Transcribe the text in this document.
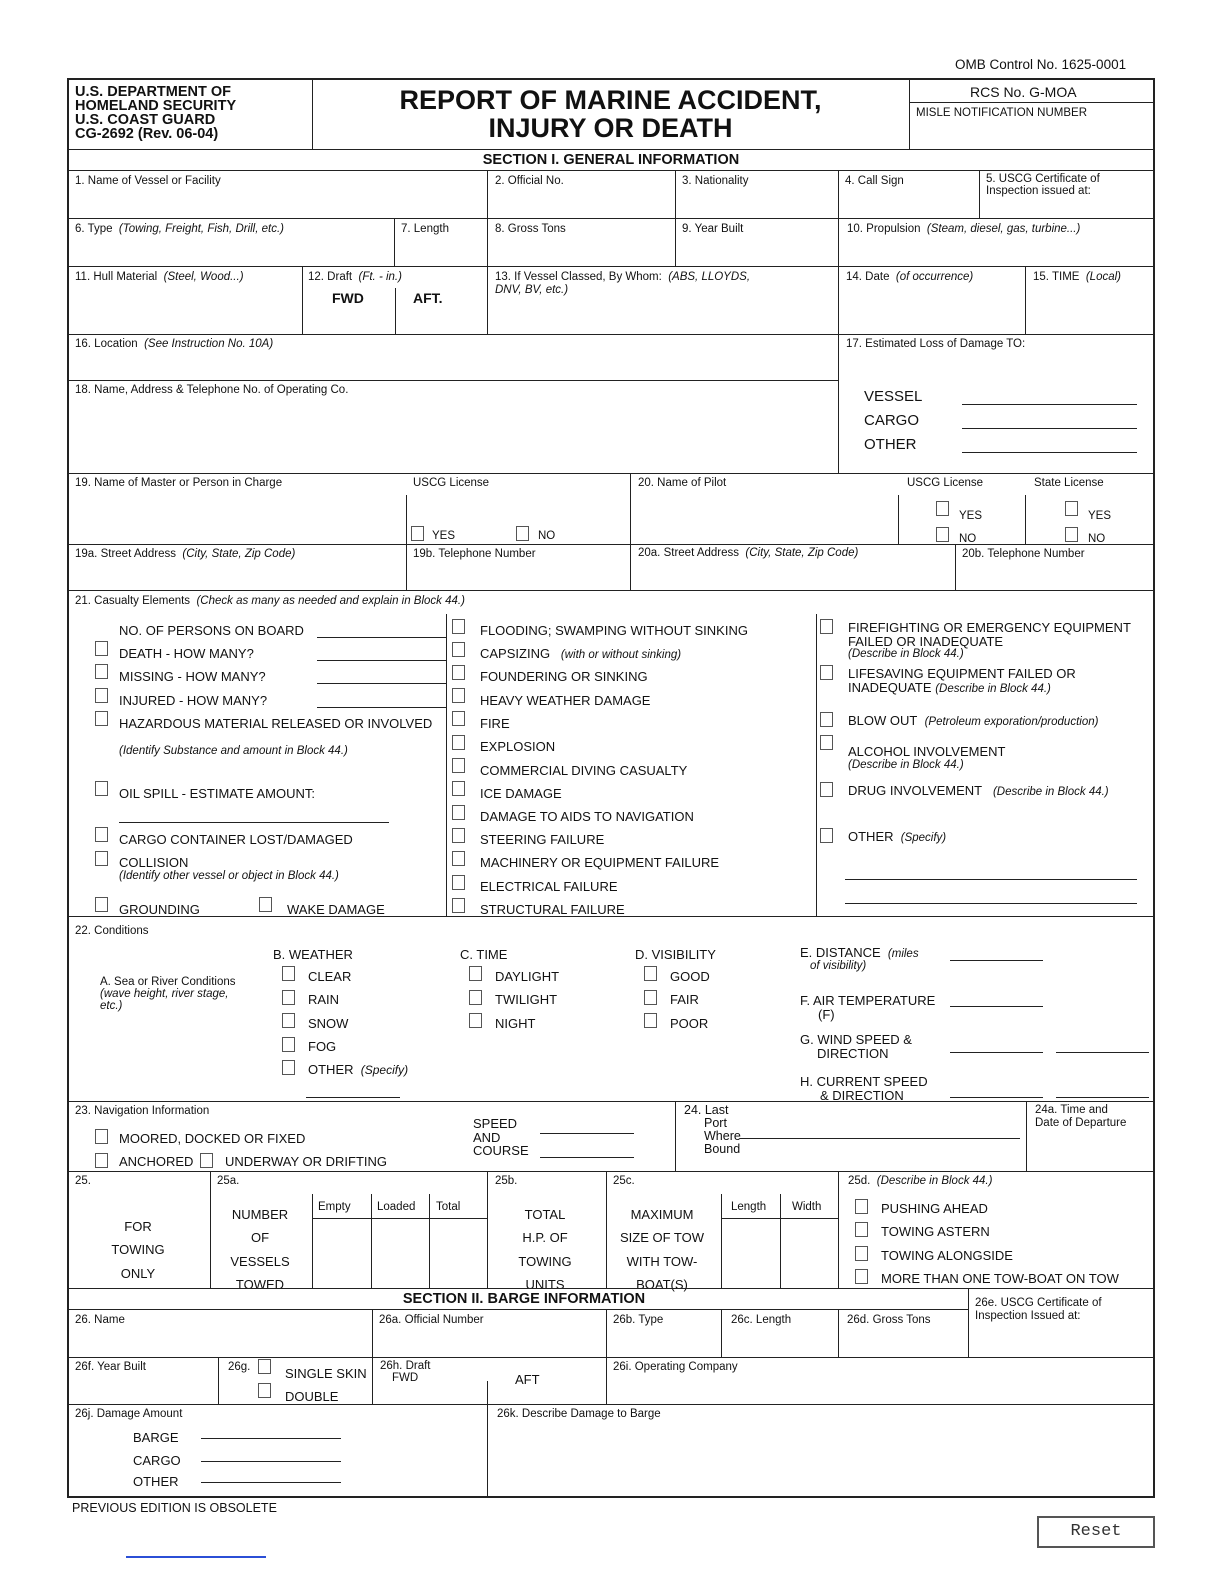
OMB Control No. 1625-0001
U.S. DEPARTMENT OF
HOMELAND SECURITY
U.S. COAST GUARD
CG-2692 (Rev. 06-04)
REPORT OF MARINE ACCIDENT,
INJURY OR DEATH
RCS No. G-MOA
MISLE NOTIFICATION NUMBER
SECTION I. GENERAL INFORMATION
1. Name of Vessel or Facility	2. Official No.	3. Nationality	4. Call Sign	5. USCG Certificate of
Inspection issued at:
6. Type (Towing, Freight, Fish, Drill, etc.)	7. Length	8. Gross Tons	9. Year Built	10. Propulsion (Steam, diesel, gas, turbine...)
11. Hull Material (Steel, Wood...)	12. Draft (Ft. - in.)
FWD	AFT.
13. If Vessel Classed, By Whom: (ABS, LLOYDS,
DNV, BV, etc.)
14. Date (of occurrence)	15. TIME (Local)
16. Location (See Instruction No. 10A)	17. Estimated Loss of Damage TO:
18. Name, Address & Telephone No. of Operating Co.	VESSEL
CARGO
OTHER
19. Name of Master or Person in Charge	USCG License
YES	NO
20. Name of Pilot	USCG License
YES
NO
State License
YES
NO
19a. Street Address (City, State, Zip Code)	19b. Telephone Number	20a. Street Address (City, State, Zip Code)	20b. Telephone Number
21. Casualty Elements (Check as many as needed and explain in Block 44.)
NO. OF PERSONS ON BOARD
DEATH - HOW MANY?
MISSING - HOW MANY?
INJURED - HOW MANY?
HAZARDOUS MATERIAL RELEASED OR INVOLVED
(Identify Substance and amount in Block 44.)
OIL SPILL - ESTIMATE AMOUNT:
CARGO CONTAINER LOST/DAMAGED
COLLISION
(Identify other vessel or object in Block 44.)
GROUNDING	WAKE DAMAGE
FLOODING; SWAMPING WITHOUT SINKING
CAPSIZING (with or without sinking)
FOUNDERING OR SINKING
HEAVY WEATHER DAMAGE
FIRE
EXPLOSION
COMMERCIAL DIVING CASUALTY
ICE DAMAGE
DAMAGE TO AIDS TO NAVIGATION
STEERING FAILURE
MACHINERY OR EQUIPMENT FAILURE
ELECTRICAL FAILURE
STRUCTURAL FAILURE
FIREFIGHTING OR EMERGENCY EQUIPMENT
FAILED OR INADEQUATE
(Describe in Block 44.)
LIFESAVING EQUIPMENT FAILED OR
INADEQUATE (Describe in Block 44.)
BLOW OUT (Petroleum exporation/production)
ALCOHOL INVOLVEMENT
(Describe in Block 44.)
DRUG INVOLVEMENT (Describe in Block 44.)
OTHER (Specify)
22. Conditions
A. Sea or River Conditions
(wave height, river stage,
etc.)
B. WEATHER
CLEAR
RAIN
SNOW
FOG
OTHER (Specify)
C. TIME
DAYLIGHT
TWILIGHT
NIGHT
D. VISIBILITY
GOOD
FAIR
POOR
E. DISTANCE (miles
of visibility)
F. AIR TEMPERATURE
(F)
G. WIND SPEED &
DIRECTION
H. CURRENT SPEED
& DIRECTION
23. Navigation Information
MOORED, DOCKED OR FIXED
ANCHORED UNDERWAY OR DRIFTING
SPEED
AND
COURSE
24. Last
Port
Where
Bound
24a. Time and
Date of Departure
25.
FOR
TOWING
ONLY
25a.
NUMBER
OF
VESSELS
TOWED
Empty Loaded Total
25b.
TOTAL
H.P. OF
TOWING
UNITS
25c.
MAXIMUM
SIZE OF TOW
WITH TOW-
BOAT(S)
Length Width
25d. (Describe in Block 44.)
PUSHING AHEAD
TOWING ASTERN
TOWING ALONGSIDE
MORE THAN ONE TOW-BOAT ON TOW
SECTION II. BARGE INFORMATION	26e. USCG Certificate of
Inspection Issued at:
26. Name	26a. Official Number	26b. Type	26c. Length	26d. Gross Tons
26f. Year Built	26g.	SINGLE SKIN
DOUBLE
26h. Draft
FWD	AFT
26i. Operating Company
26j. Damage Amount
BARGE
CARGO
OTHER
26k. Describe Damage to Barge
PREVIOUS EDITION IS OBSOLETE
Reset
